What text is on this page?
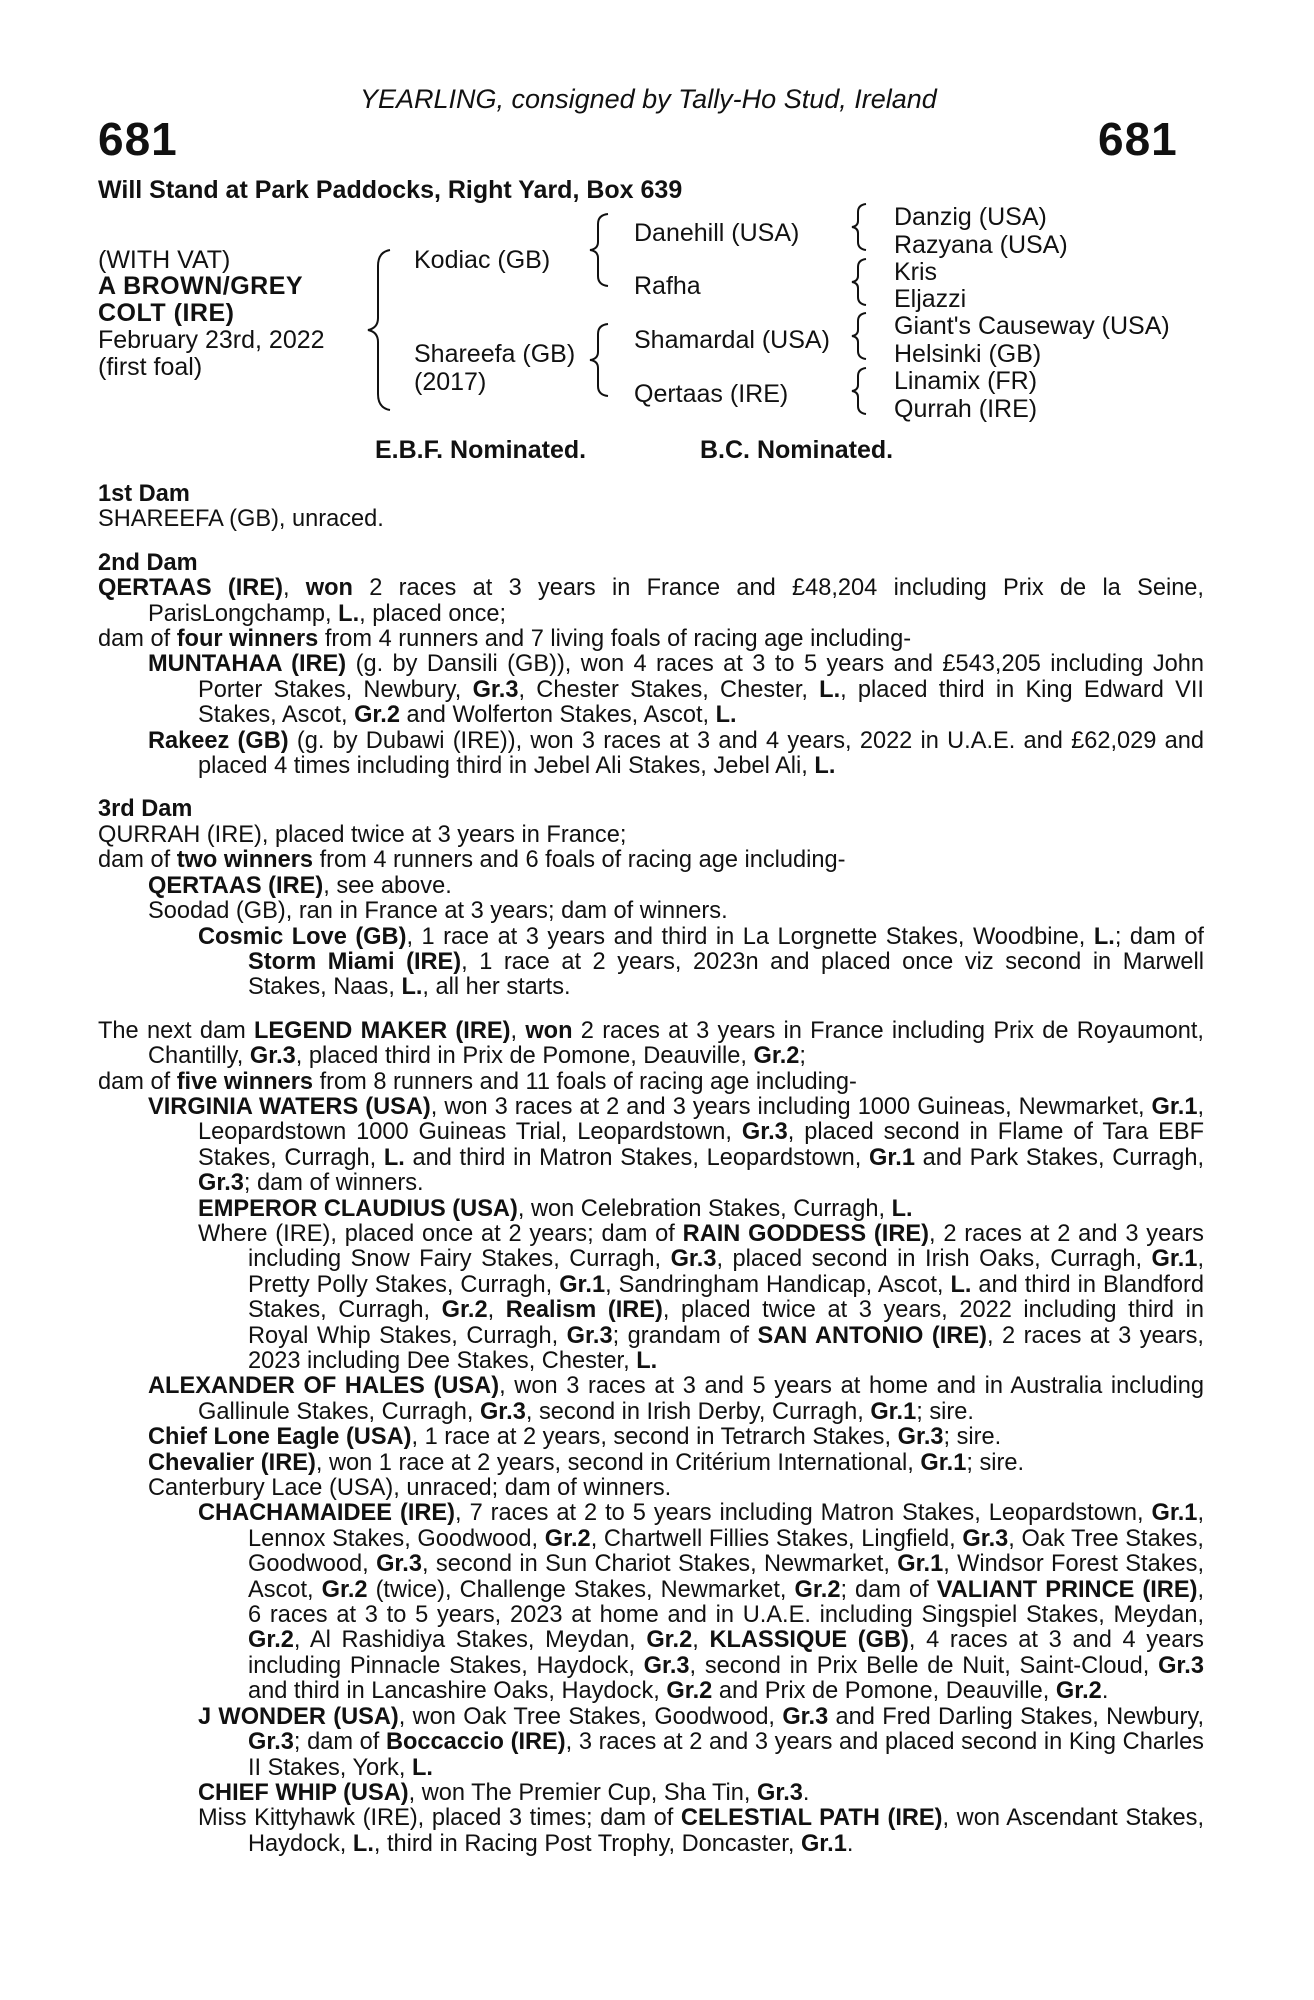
YEARLING, consigned by Tally-Ho Stud, Ireland
681	681
Will Stand at Park Paddocks, Right Yard, Box 639
(WITH VAT)
A BROWN/GREY
COLT (IRE)
February 23rd, 2022
(first foal)
Kodiac (GB)
Shareefa (GB)
(2017)
Danehill (USA)
Rafha
Shamardal (USA)
Qertaas (IRE)
Danzig (USA)
Razyana (USA)
Kris
Eljazzi
Giant's Causeway (USA)
Helsinki (GB)
Linamix (FR)
Qurrah (IRE)
E.B.F. Nominated.	B.C. Nominated.

1st Dam

SHAREEFA (GB), unraced.

2nd Dam

QERTAAS (IRE), won 2 races at 3 years in France and £48,204 including Prix de la Seine, ParisLongchamp, L., placed once;

dam of four winners from 4 runners and 7 living foals of racing age including-

MUNTAHAA (IRE) (g. by Dansili (GB)), won 4 races at 3 to 5 years and £543,205 including John Porter Stakes, Newbury, Gr.3, Chester Stakes, Chester, L., placed third in King Edward VII Stakes, Ascot, Gr.2 and Wolferton Stakes, Ascot, L.

Rakeez (GB) (g. by Dubawi (IRE)), won 3 races at 3 and 4 years, 2022 in U.A.E. and £62,029 and placed 4 times including third in Jebel Ali Stakes, Jebel Ali, L.

3rd Dam

QURRAH (IRE), placed twice at 3 years in France;

dam of two winners from 4 runners and 6 foals of racing age including-

QERTAAS (IRE), see above.

Soodad (GB), ran in France at 3 years; dam of winners.

Cosmic Love (GB), 1 race at 3 years and third in La Lorgnette Stakes, Woodbine, L.; dam of Storm Miami (IRE), 1 race at 2 years, 2023n and placed once viz second in Marwell Stakes, Naas, L., all her starts.

The next dam LEGEND MAKER (IRE), won 2 races at 3 years in France including Prix de Royaumont, Chantilly, Gr.3, placed third in Prix de Pomone, Deauville, Gr.2;

dam of five winners from 8 runners and 11 foals of racing age including-

VIRGINIA WATERS (USA), won 3 races at 2 and 3 years including 1000 Guineas, Newmarket, Gr.1, Leopardstown 1000 Guineas Trial, Leopardstown, Gr.3, placed second in Flame of Tara EBF Stakes, Curragh, L. and third in Matron Stakes, Leopardstown, Gr.1 and Park Stakes, Curragh, Gr.3; dam of winners.

EMPEROR CLAUDIUS (USA), won Celebration Stakes, Curragh, L.

Where (IRE), placed once at 2 years; dam of RAIN GODDESS (IRE), 2 races at 2 and 3 years including Snow Fairy Stakes, Curragh, Gr.3, placed second in Irish Oaks, Curragh, Gr.1, Pretty Polly Stakes, Curragh, Gr.1, Sandringham Handicap, Ascot, L. and third in Blandford Stakes, Curragh, Gr.2, Realism (IRE), placed twice at 3 years, 2022 including third in Royal Whip Stakes, Curragh, Gr.3; grandam of SAN ANTONIO (IRE), 2 races at 3 years, 2023 including Dee Stakes, Chester, L.

ALEXANDER OF HALES (USA), won 3 races at 3 and 5 years at home and in Australia including Gallinule Stakes, Curragh, Gr.3, second in Irish Derby, Curragh, Gr.1; sire.

Chief Lone Eagle (USA), 1 race at 2 years, second in Tetrarch Stakes, Gr.3; sire.

Chevalier (IRE), won 1 race at 2 years, second in Critérium International, Gr.1; sire.

Canterbury Lace (USA), unraced; dam of winners.

CHACHAMAIDEE (IRE), 7 races at 2 to 5 years including Matron Stakes, Leopardstown, Gr.1, Lennox Stakes, Goodwood, Gr.2, Chartwell Fillies Stakes, Lingfield, Gr.3, Oak Tree Stakes, Goodwood, Gr.3, second in Sun Chariot Stakes, Newmarket, Gr.1, Windsor Forest Stakes, Ascot, Gr.2 (twice), Challenge Stakes, Newmarket, Gr.2; dam of VALIANT PRINCE (IRE), 6 races at 3 to 5 years, 2023 at home and in U.A.E. including Singspiel Stakes, Meydan, Gr.2, Al Rashidiya Stakes, Meydan, Gr.2, KLASSIQUE (GB), 4 races at 3 and 4 years including Pinnacle Stakes, Haydock, Gr.3, second in Prix Belle de Nuit, Saint-Cloud, Gr.3 and third in Lancashire Oaks, Haydock, Gr.2 and Prix de Pomone, Deauville, Gr.2.

J WONDER (USA), won Oak Tree Stakes, Goodwood, Gr.3 and Fred Darling Stakes, Newbury, Gr.3; dam of Boccaccio (IRE), 3 races at 2 and 3 years and placed second in King Charles II Stakes, York, L.

CHIEF WHIP (USA), won The Premier Cup, Sha Tin, Gr.3.

Miss Kittyhawk (IRE), placed 3 times; dam of CELESTIAL PATH (IRE), won Ascendant Stakes, Haydock, L., third in Racing Post Trophy, Doncaster, Gr.1.
